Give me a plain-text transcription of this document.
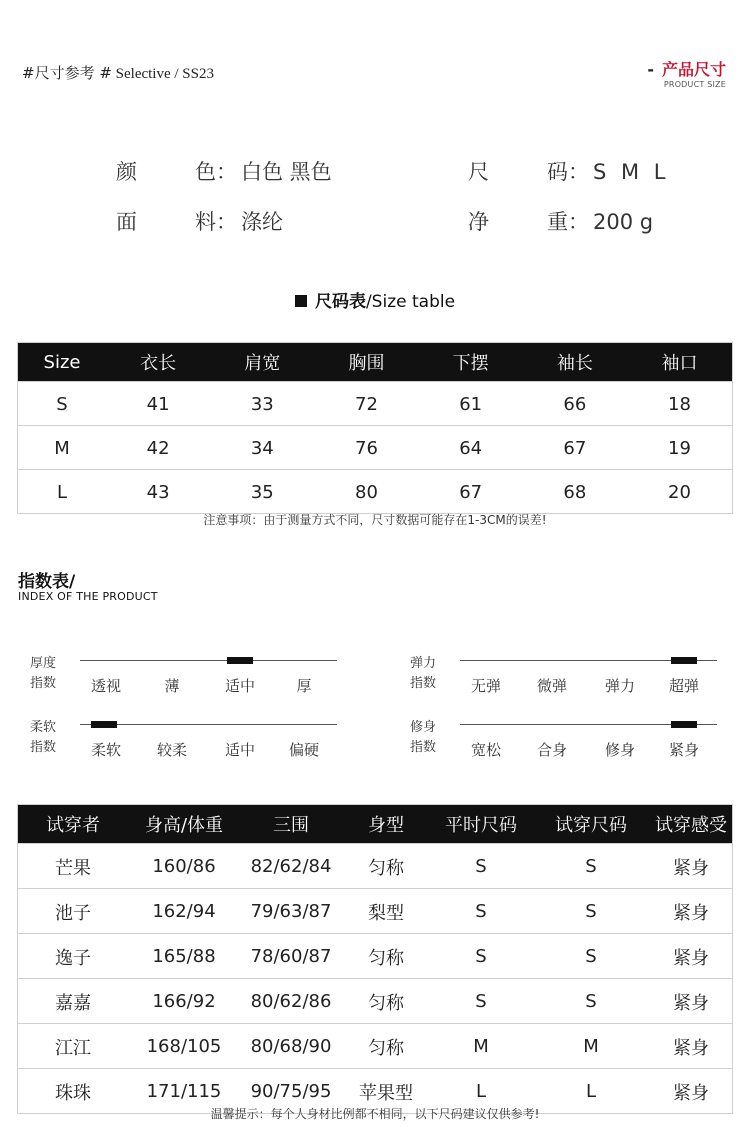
#尺寸参考 # Selective / SS23	- 产品尺寸
PRODUCT SIZE
颜　色： 白色 黑色	尺　码： S M L
面　料： 涤纶	净　重： 200 g
尺码表/Size table
Size	衣长	肩宽	胸围	下摆	袖长	袖口
S	41	33	72	61	66	18
M	42	34	76	64	67	19
L	43	35	80	67	68	20
注意事项：由于测量方式不同，尺寸数据可能存在1-3CM的误差!
指数表/
INDEX OF THE PRODUCT
厚度
指数	透视	薄	适中	厚
弹力
指数	无弹	微弹	弹力	超弹
柔软
指数	柔软	较柔	适中	偏硬
修身
指数	宽松	合身	修身	紧身
试穿者	身高/体重	三围	身型	平时尺码	试穿尺码	试穿感受
芒果	160/86	82/62/84	匀称	S	S	紧身
池子	162/94	79/63/87	梨型	S	S	紧身
逸子	165/88	78/60/87	匀称	S	S	紧身
嘉嘉	166/92	80/62/86	匀称	S	S	紧身
江江	168/105	80/68/90	匀称	M	M	紧身
珠珠	171/115	90/75/95	苹果型	L	L	紧身
温馨提示：每个人身材比例都不相同，以下尺码建议仅供参考!
